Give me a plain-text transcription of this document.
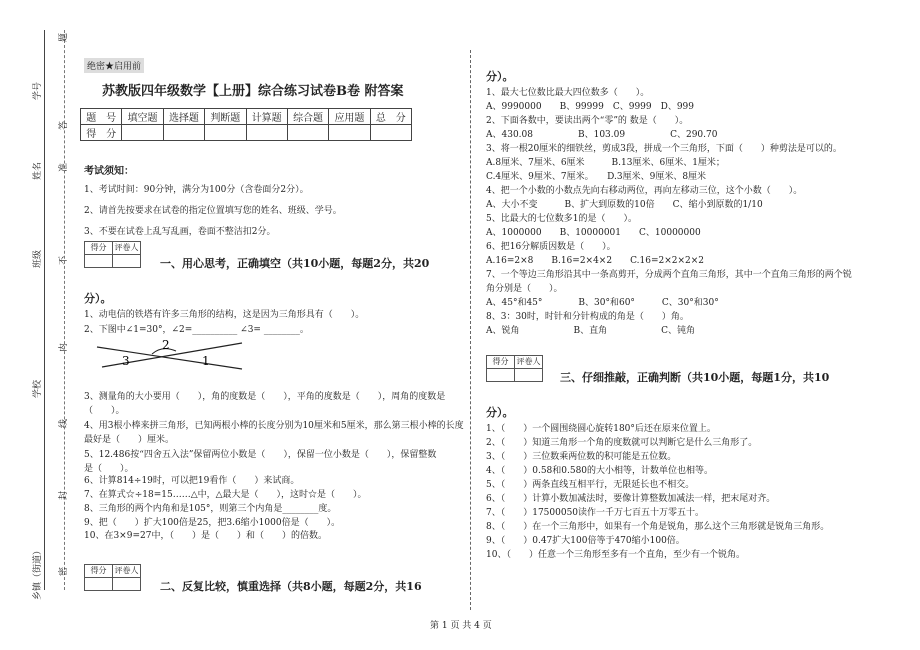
学号
姓名
班级
学校
乡镇（街道）
题
答
准
不
内
线
封
密
绝密★启用前
苏教版四年级数学【上册】综合练习试卷B卷 附答案
题　号	填空题	选择题	判断题	计算题	综合题	应用题	总　分
得　分							
考试须知：
1、考试时间：90分钟，满分为100分（含卷面分2分）。
2、请首先按要求在试卷的指定位置填写您的姓名、班级、学号。
3、不要在试卷上乱写乱画，卷面不整洁扣2分。
得分	评卷人
一、用心思考，正确填空（共10小题，每题2分，共20
分）。
1、动电信的铁塔有许多三角形的结构，这是因为三角形具有（　　）。
2、下图中∠1=30°，∠2=__________ ∠3= ________。
2
3	1
3、测量角的大小要用（　　），角的度数是（　　），平角的度数是（　　），周角的度数是
（　　）。
4、用3根小棒来拼三角形，已知两根小棒的长度分别为10厘米和5厘米，那么第三根小棒的长度
最好是（　　）厘米。
5、12.486按“四舍五入法”保留两位小数是（　　），保留一位小数是（　　），保留整数
是（　　）。
6、计算814÷19时，可以把19看作（　　）来试商。
7、在算式☆÷18=15……△中，△最大是（　　），这时☆是（　　）。
8、三角形的两个内角和是105°，则第三个内角是________度。
9、把（　　）扩大100倍是25，把3.6缩小1000倍是（　　）。
10、在3×9=27中，（　　）是（　　）和（　　）的倍数。
得分	评卷人
二、反复比较，慎重选择（共8小题，每题2分，共16
分）。
1、最大七位数比最大四位数多（　　）。
A、9990000　　B、99999　C、9999　D、999
2、下面各数中，要读出两个“零”的 数是（　　）。
A、430.08　　　　　B、103.09　　　　　C、290.70
3、将一根20厘米的细铁丝，剪成3段，拼成一个三角形，下面（　　）种剪法是可以的。
A.8厘米、7厘米、6厘米　　　B.13厘米、6厘米、1厘米；
C.4厘米、9厘米、7厘米。　　D.3厘米、9厘米、8厘米
4、把一个小数的小数点先向右移动两位，再向左移动三位，这个小数（　　）。
A、大小不变　　　B、扩大到原数的10倍　　C、缩小到原数的1/10
5、比最大的七位数多1的是（　　）。
A、1000000　　B、10000001　　C、10000000
6、把16分解质因数是（　　）。
A.16=2×8　　B.16=2×4×2　　C.16=2×2×2×2
7、一个等边三角形沿其中一条高剪开，分成两个直角三角形，其中一个直角三角形的两个锐
角分别是（　　）。
A、45°和45°　　　　B、30°和60°　　　C、30°和30°
8、3：30时，时针和分针构成的角是（　　）角。
A、锐角　　　　　　B、直角　　　　　　C、钝角
得分	评卷人
三、仔细推敲，正确判断（共10小题，每题1分，共10
分）。
1、（　　）一个圆围绕圆心旋转180°后还在原来位置上。
2、（　　）知道三角形一个角的度数就可以判断它是什么三角形了。
3、（　　）三位数乘两位数的积可能是五位数。
4、（　　）0.58和0.580的大小相等，计数单位也相等。
5、（　　）两条直线互相平行，无限延长也不相交。
6、（　　）计算小数加减法时，要像计算整数加减法一样，把末尾对齐。
7、（　　）17500050读作一千万七百五十万零五十。
8、（　　）在一个三角形中，如果有一个角是锐角，那么这个三角形就是锐角三角形。
9、（　　）0.47扩大100倍等于470缩小100倍。
10、（　　）任意一个三角形至多有一个直角，至少有一个锐角。
第 1 页 共 4 页
